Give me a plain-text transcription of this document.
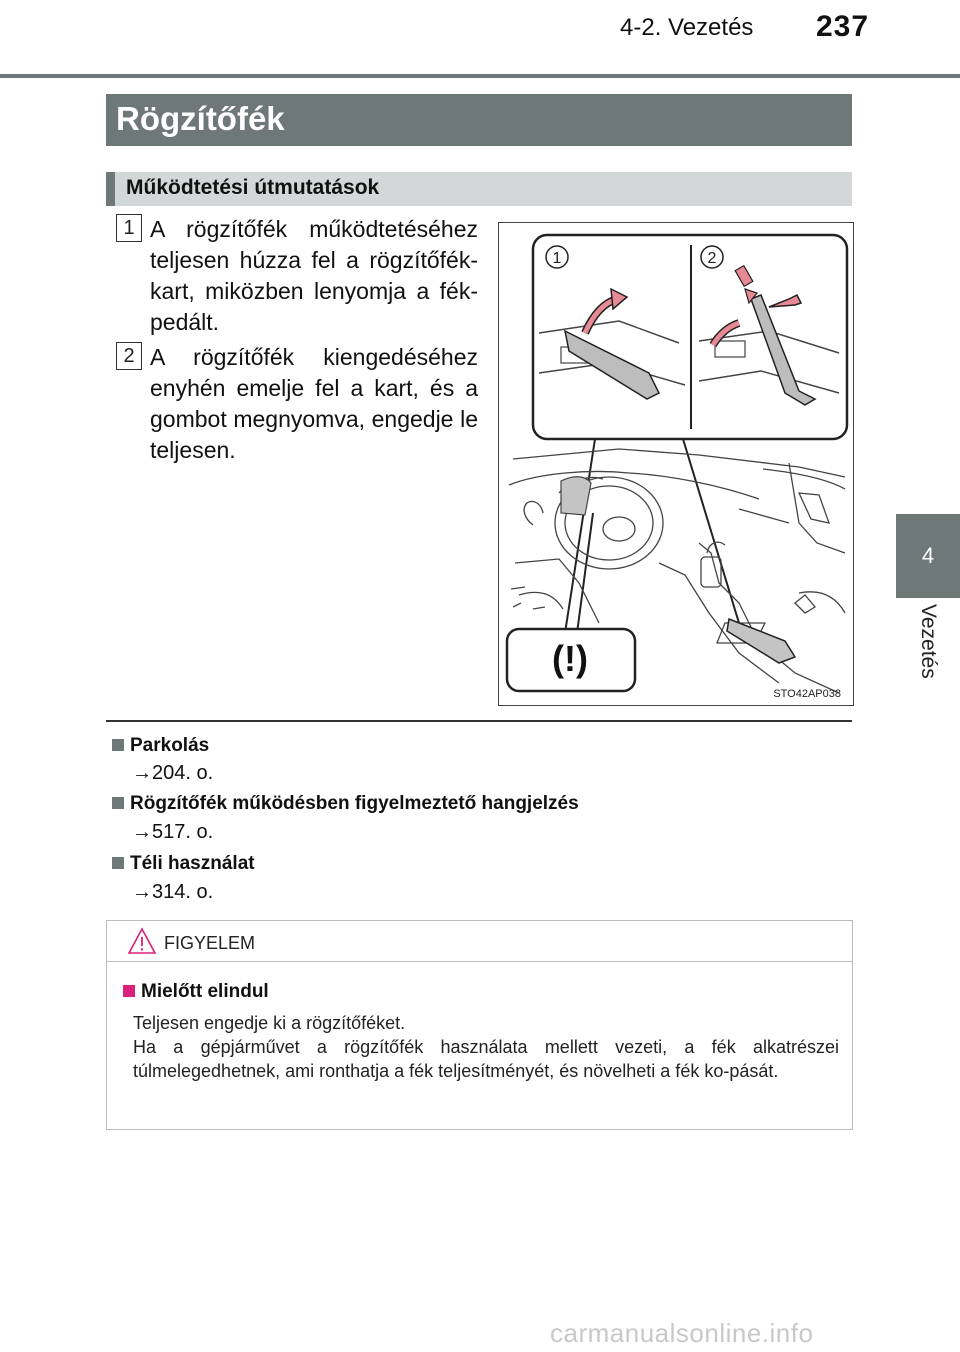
4-2. Vezetés 237
4
Vezetés
Rögzítőfék
Működtetési útmutatások
1 A rögzítőfék működtetéséhez teljesen húzza fel a rögzítőfék-kart, miközben lenyomja a fék-pedált.
2 A rögzítőfék kiengedéséhez enyhén emelje fel a kart, és a gombot megnyomva, engedje le teljesen.
1	2
(!)
STO42AP038
Parkolás
→204. o.
Rögzítőfék működésben figyelmeztető hangjelzés
→517. o.
Téli használat
→314. o.
FIGYELEM
Mielőtt elindul

Teljesen engedje ki a rögzítőféket.

Ha a gépjárművet a rögzítőfék használata mellett vezeti, a fék alkatrészei túlmelegedhetnek, ami ronthatja a fék teljesítményét, és növelheti a fék ko-pását.

carmanualsonline.info
